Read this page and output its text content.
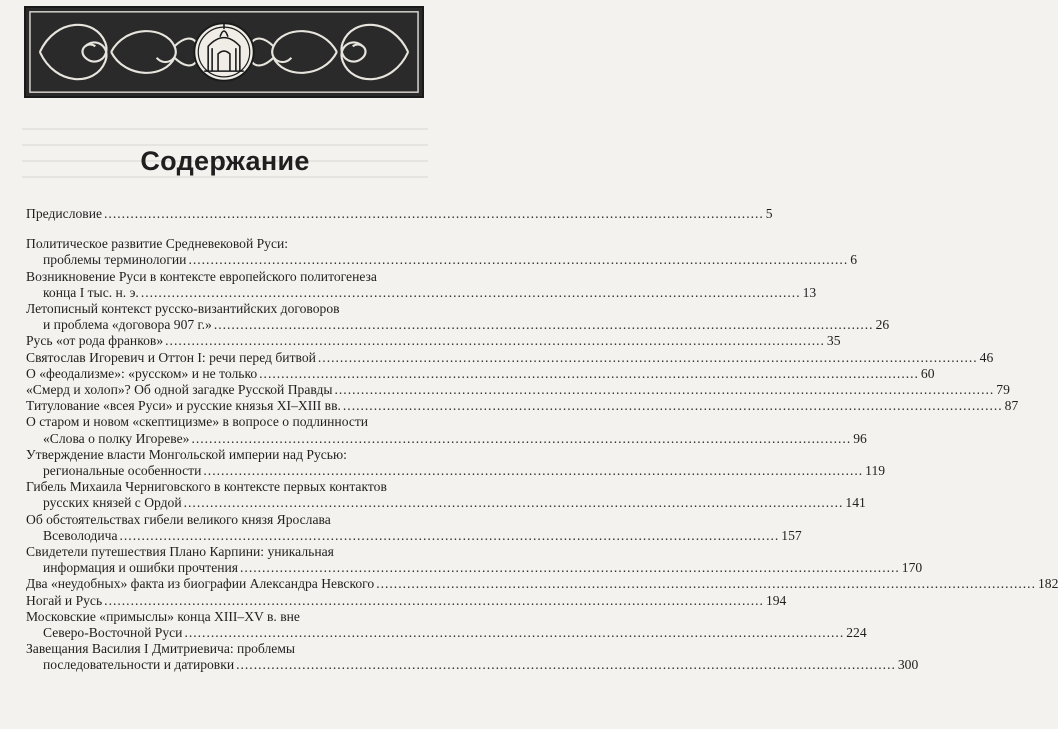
Содержание
Предисловие .....	5
Политическое развитие Средневековой Руси:
проблемы терминологии .....	6
Возникновение Руси в контексте европейского политогенеза
конца I тыс. н. э. .....	13
Летописный контекст русско-византийских договоров
и проблема «договора 907 г.» .....	26
Русь «от рода франков» .....	35
Святослав Игоревич и Оттон I: речи перед битвой .....	46
О «феодализме»: «русском» и не только .....	60
«Смерд и холоп»? Об одной загадке Русской Правды .....	79
Титулование «всея Руси» и русские князья XI–XIII вв. .....	87
О старом и новом «скептицизме» в вопросе о подлинности
«Слова о полку Игореве» .....	96
Утверждение власти Монгольской империи над Русью:
региональные особенности .....	119
Гибель Михаила Черниговского в контексте первых контактов
русских князей с Ордой .....	141
Об обстоятельствах гибели великого князя Ярослава
Всеволодича .....	157
Свидетели путешествия Плано Карпини: уникальная
информация и ошибки прочтения .....	170
Два «неудобных» факта из биографии Александра Невского .....	182
Ногай и Русь .....	194
Московские «примыслы» конца XIII–XV в. вне
Северо-Восточной Руси .....	224
Завещания Василия I Дмитриевича: проблемы
последовательности и датировки .....	300
